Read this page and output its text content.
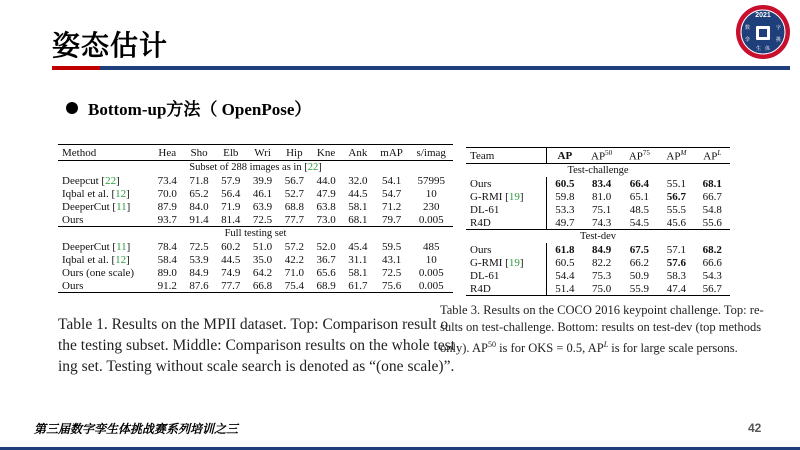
姿态估计
2021
数	字
孪	挑
生 体
Bottom-up方法（ OpenPose）
Method	Hea	Sho	Elb	Wri	Hip	Kne	Ank	mAP	s/imag
Subset of 288 images as in [22]									
Deepcut [22]	73.4	71.8	57.9	39.9	56.7	44.0	32.0	54.1	57995
Iqbal et al. [12]	70.0	65.2	56.4	46.1	52.7	47.9	44.5	54.7	10
DeeperCut [11]	87.9	84.0	71.9	63.9	68.8	63.8	58.1	71.2	230
Ours	93.7	91.4	81.4	72.5	77.7	73.0	68.1	79.7	0.005
Full testing set									
DeeperCut [11]	78.4	72.5	60.2	51.0	57.2	52.0	45.4	59.5	485
Iqbal et al. [12]	58.4	53.9	44.5	35.0	42.2	36.7	31.1	43.1	10
Ours (one scale)	89.0	84.9	74.9	64.2	71.0	65.6	58.1	72.5	0.005
Ours	91.2	87.6	77.7	66.8	75.4	68.9	61.7	75.6	0.005
Table 1. Results on the MPII dataset. Top: Comparison result o
the testing subset. Middle: Comparison results on the whole test
ing set. Testing without scale search is denoted as “(one scale)”.
Team	AP	AP$^{50}$	AP$^{75}$	$AP^M$	$AP^L$
Test-challenge					
Ours	60.5	83.4	66.4	55.1	68.1
G-RMI [19]	59.8	81.0	65.1	56.7	66.7
DL-61	53.3	75.1	48.5	55.5	54.8
R4D	49.7	74.3	54.5	45.6	55.6
Test-dev					
Ours	61.8	84.9	67.5	57.1	68.2
G-RMI [19]	60.5	82.2	66.2	57.6	66.6
DL-61	54.4	75.3	50.9	58.3	54.3
R4D	51.4	75.0	55.9	47.4	56.7
Table 3. Results on the COCO 2016 keypoint challenge. Top: re-
sults on test-challenge. Bottom: results on test-dev (top methods
only). AP$^{50}$ is for OKS = 0.5, $AP^L$ is for large scale persons.
第三届数字孪生体挑战赛系列培训之三	42
